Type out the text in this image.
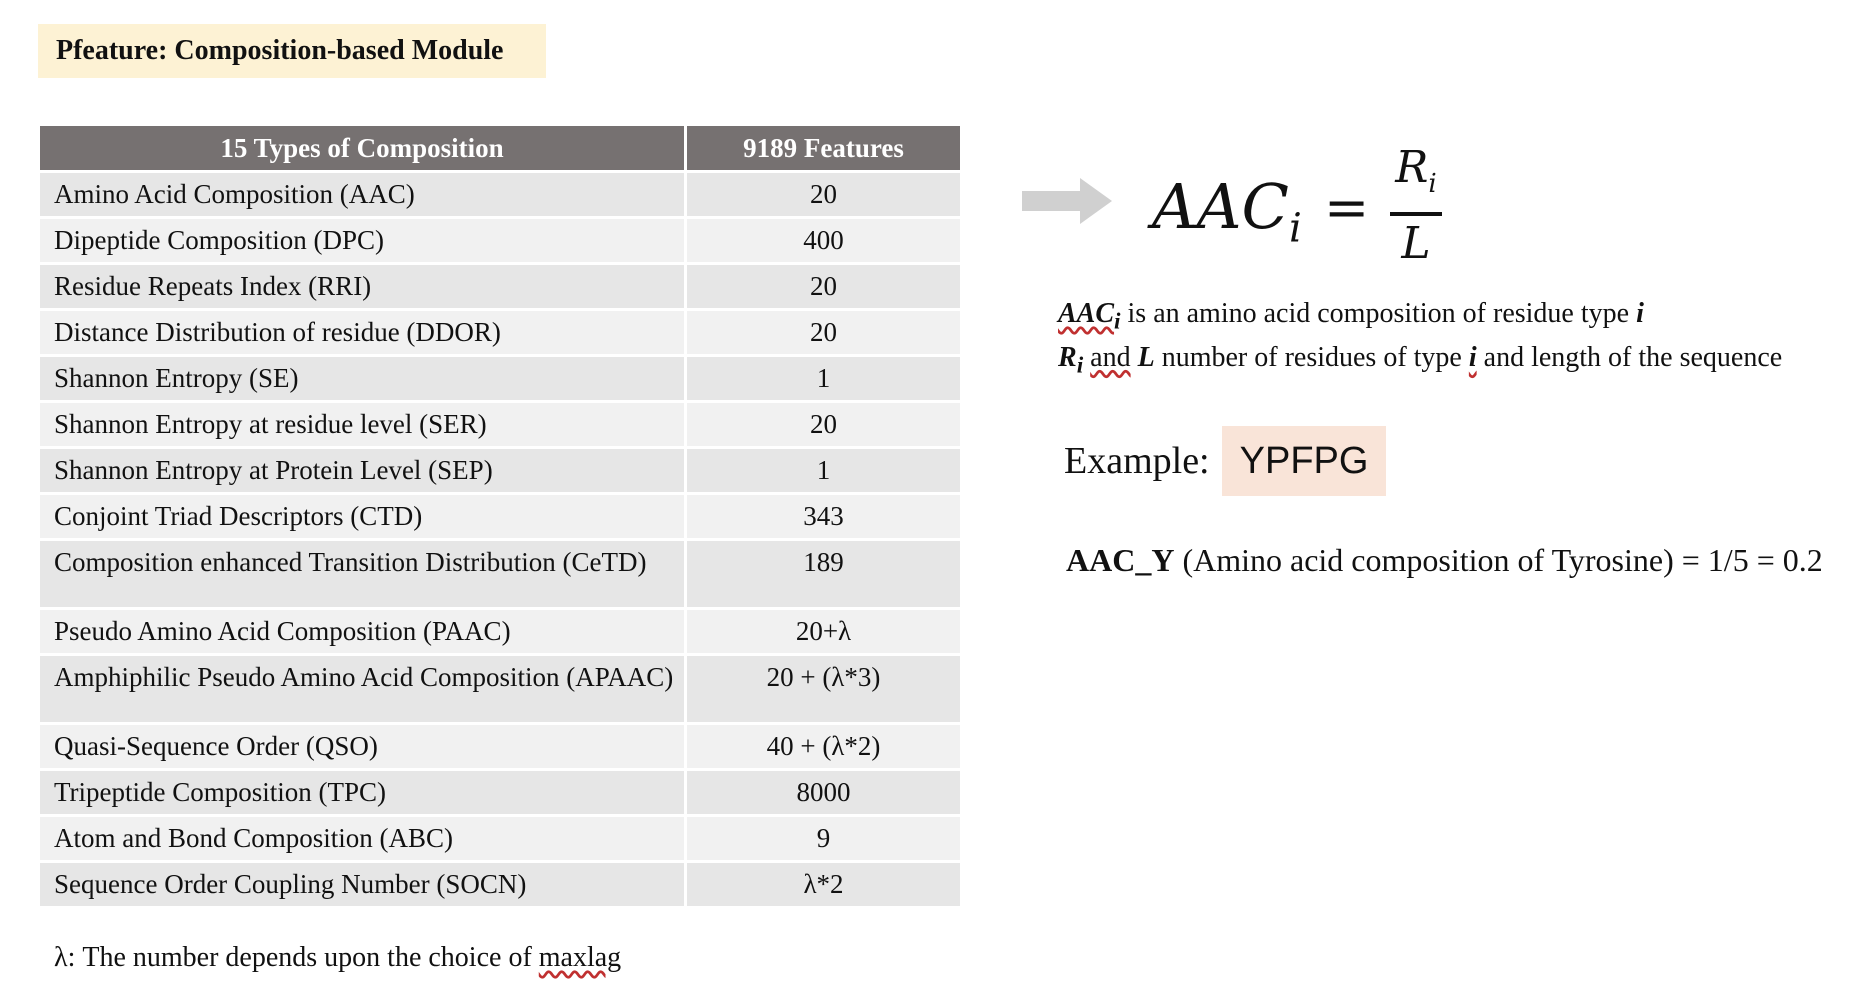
Pfeature: Composition-based Module
15 Types of Composition	9189 Features
Amino Acid Composition (AAC)	20
Dipeptide Composition (DPC)	400
Residue Repeats Index (RRI)	20
Distance Distribution of residue (DDOR)	20
Shannon Entropy (SE)	1
Shannon Entropy at residue level (SER)	20
Shannon Entropy at Protein Level (SEP)	1
Conjoint Triad Descriptors (CTD)	343
Composition enhanced Transition Distribution (CeTD)	189
Pseudo Amino Acid Composition (PAAC)	20+λ
Amphiphilic Pseudo Amino Acid Composition (APAAC)	20 + (λ*3)
Quasi-Sequence Order (QSO)	40 + (λ*2)
Tripeptide Composition (TPC)	8000
Atom and Bond Composition (ABC)	9
Sequence Order Coupling Number (SOCN)	λ*2
λ: The number depends upon the choice of maxlag
$AAC_i$ =
$R_i$
L
$AAC_i$ is an amino acid composition of residue type i
$R_i$ and L number of residues of type i and length of the sequence
Example: YPFPG
AAC_Y (Amino acid composition of Tyrosine) = 1/5 = 0.2
